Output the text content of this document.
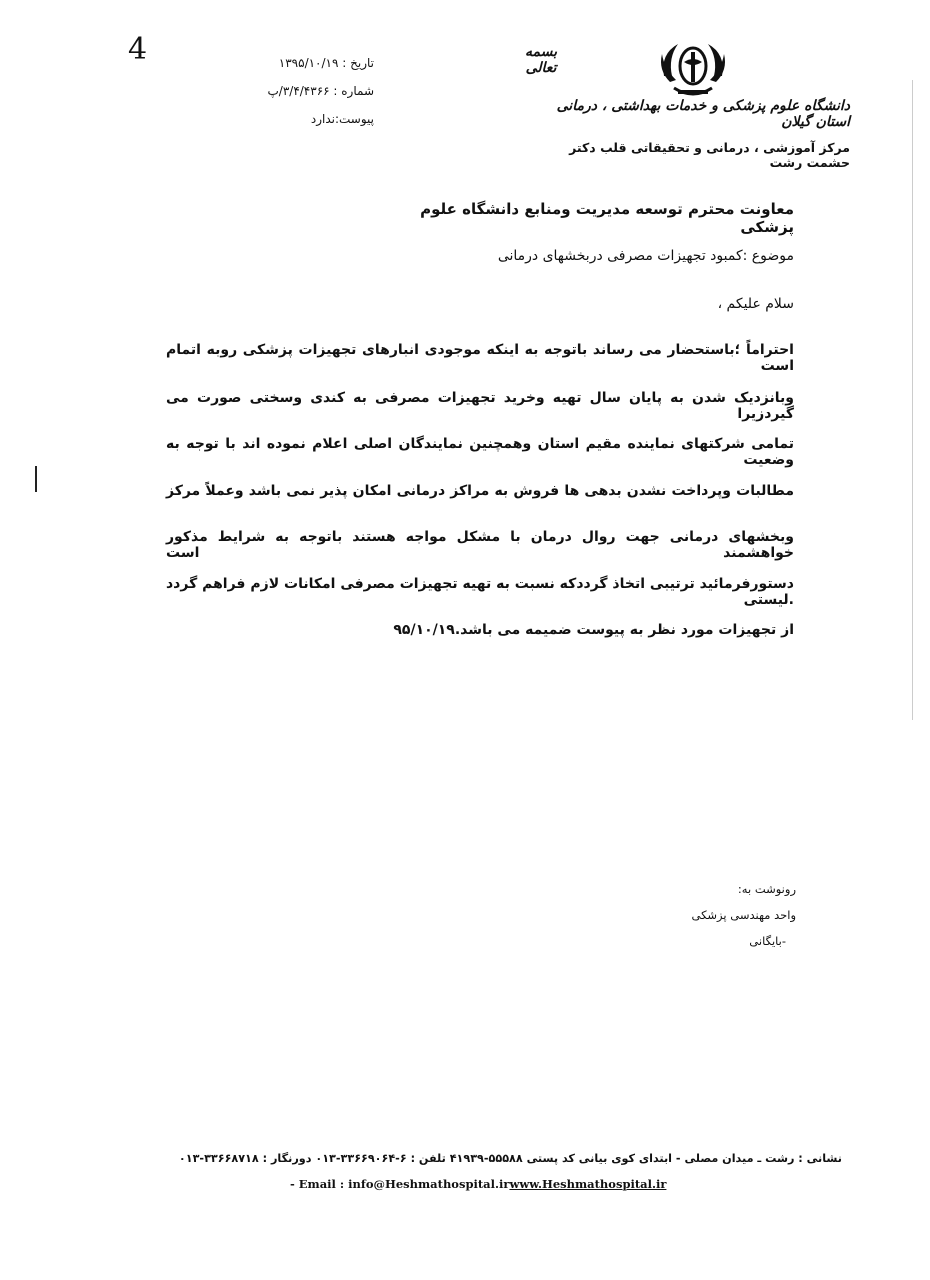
4	تاریخ : ۱۳۹۵/۱۰/۱۹
شماره : ۳/۴/۴۳۶۶/پ
پیوست:ندارد
بسمه تعالی
دانشگاه علوم پزشکی و خدمات بهداشتی ، درمانی استان گیلان
مرکز آموزشی ، درمانی و تحقیقاتی قلب دکتر حشمت رشت
معاونت محترم توسعه مدیریت ومنابع دانشگاه علوم پزشکی
موضوع :کمبود تجهیزات مصرفی دربخشهای درمانی
سلام علیکم ،
احتراماً ؛باستحضار می رساند باتوجه به اینکه موجودی انبارهای تجهیزات پزشکی روبه اتمام است
وبانزدیک شدن به پایان سال تهیه وخرید تجهیزات مصرفی به کندی وسختی صورت می گیردزیرا
تمامی شرکتهای نماینده مقیم استان وهمچنین نمایندگان اصلی اعلام نموده اند با توجه به وضعیت
مطالبات وپرداخت نشدن بدهی ها فروش به مراکز درمانی امکان پذیر نمی باشد وعملاً مرکز
وبخشهای درمانی جهت روال درمان با مشکل مواجه هستند باتوجه به شرایط مذکور خواهشمند است
دستورفرمائید ترتیبی اتخاذ گرددکه نسبت به تهیه تجهیزات مصرفی امکانات لازم فراهم گردد .لیستی
از تجهیزات مورد نظر به پیوست ضمیمه می باشد.۹۵/۱۰/۱۹
رونوشت به:
واحد مهندسی پزشکی
-بایگانی
نشانی : رشت ـ میدان مصلی - ابتدای کوی بیانی کد پستی ۵۵۵۸۸-۴۱۹۳۹ تلفن : ۶-۳۳۶۶۹۰۶۴-۰۱۳ دورنگار : ۳۳۶۶۸۷۱۸-۰۱۳
- Email : info@Heshmathospital.irwww.Heshmathospital.ir
